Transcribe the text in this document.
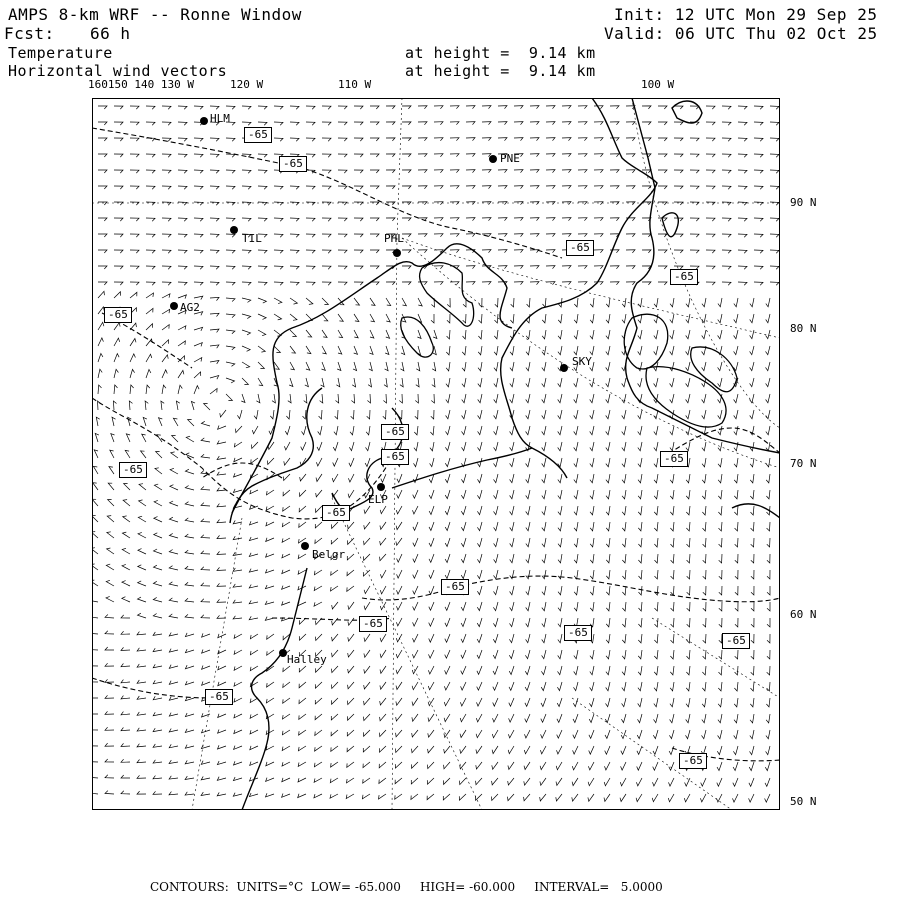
AMPS 8-km WRF -- Ronne Window	Init: 12 UTC Mon 29 Sep 25
Fcst: 66 h	Valid: 06 UTC Thu 02 Oct 25
Temperature
Horizontal wind vectors
at height =  9.14 km
at height =  9.14 km
160150 140 130 W	120 W	110 W	100 W
90 N
80 N
70 N
60 N
50 N
HLM
PNE
TIL	PHL
AG2
SKY
ELP
Belgr
Halley
-65
-65
-65
-65
-65
-65
-65
-65
-65
-65
-65
-65
-65
-65
-65
-65
CONTOURS:  UNITS=°C  LOW= -65.000     HIGH= -60.000     INTERVAL=   5.0000
